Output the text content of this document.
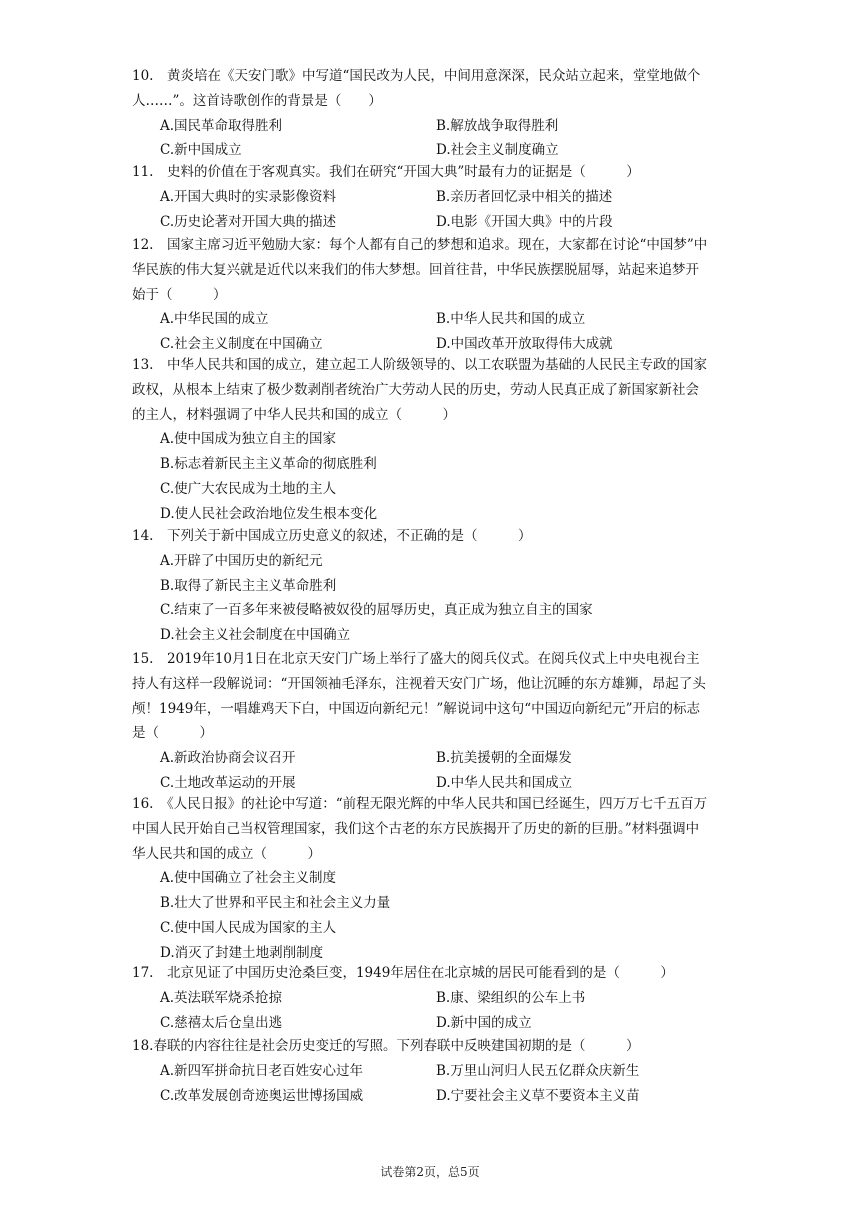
10.　黄炎培在《天安门歌》中写道“国民改为人民，中间用意深深，民众站立起来，堂堂地做个人……”。这首诗歌创作的背景是（　　）
A.国民革命取得胜利	B.解放战争取得胜利
C.新中国成立	D.社会主义制度确立
11.　史料的价值在于客观真实。我们在研究“开国大典”时最有力的证据是（　　　）
A.开国大典时的实录影像资料	B.亲历者回忆录中相关的描述
C.历史论著对开国大典的描述	D.电影《开国大典》中的片段
12.　国家主席习近平勉励大家：每个人都有自己的梦想和追求。现在，大家都在讨论“中国梦”中华民族的伟大复兴就是近代以来我们的伟大梦想。回首往昔，中华民族摆脱屈辱，站起来追梦开始于（　　　）
A.中华民国的成立	B.中华人民共和国的成立
C.社会主义制度在中国确立	D.中国改革开放取得伟大成就
13.　中华人民共和国的成立，建立起工人阶级领导的、以工农联盟为基础的人民民主专政的国家政权，从根本上结束了极少数剥削者统治广大劳动人民的历史，劳动人民真正成了新国家新社会的主人，材料强调了中华人民共和国的成立（　　　）
A.使中国成为独立自主的国家
B.标志着新民主主义革命的彻底胜利
C.使广大农民成为土地的主人
D.使人民社会政治地位发生根本变化
14.　下列关于新中国成立历史意义的叙述，不正确的是（　　　）
A.开辟了中国历史的新纪元
B.取得了新民主主义革命胜利
C.结束了一百多年来被侵略被奴役的屈辱历史，真正成为独立自主的国家
D.社会主义社会制度在中国确立
15.　2019年10月1日在北京天安门广场上举行了盛大的阅兵仪式。在阅兵仪式上中央电视台主持人有这样一段解说词：“开国领袖毛泽东，注视着天安门广场，他让沉睡的东方雄狮，昂起了头颅！1949年，一唱雄鸡天下白，中国迈向新纪元！”解说词中这句“中国迈向新纪元”开启的标志是（　　　）
A.新政治协商会议召开	B.抗美援朝的全面爆发
C.土地改革运动的开展	D.中华人民共和国成立
16.　《人民日报》的社论中写道：“前程无限光辉的中华人民共和国已经诞生，四万万七千五百万中国人民开始自己当权管理国家，我们这个古老的东方民族揭开了历史的新的巨册。”材料强调中华人民共和国的成立（　　　）
A.使中国确立了社会主义制度
B.壮大了世界和平民主和社会主义力量
C.使中国人民成为国家的主人
D.消灭了封建土地剥削制度
17.　北京见证了中国历史沧桑巨变，1949年居住在北京城的居民可能看到的是（　　　）
A.英法联军烧杀抢掠	B.康、梁组织的公车上书
C.慈禧太后仓皇出逃	D.新中国的成立
18.春联的内容往往是社会历史变迁的写照。下列春联中反映建国初期的是（　　　）
A.新四军拼命抗日老百姓安心过年	B.万里山河归人民五亿群众庆新生
C.改革发展创奇迹奥运世博扬国威	D.宁要社会主义草不要资本主义苗
试卷第2页，总5页
